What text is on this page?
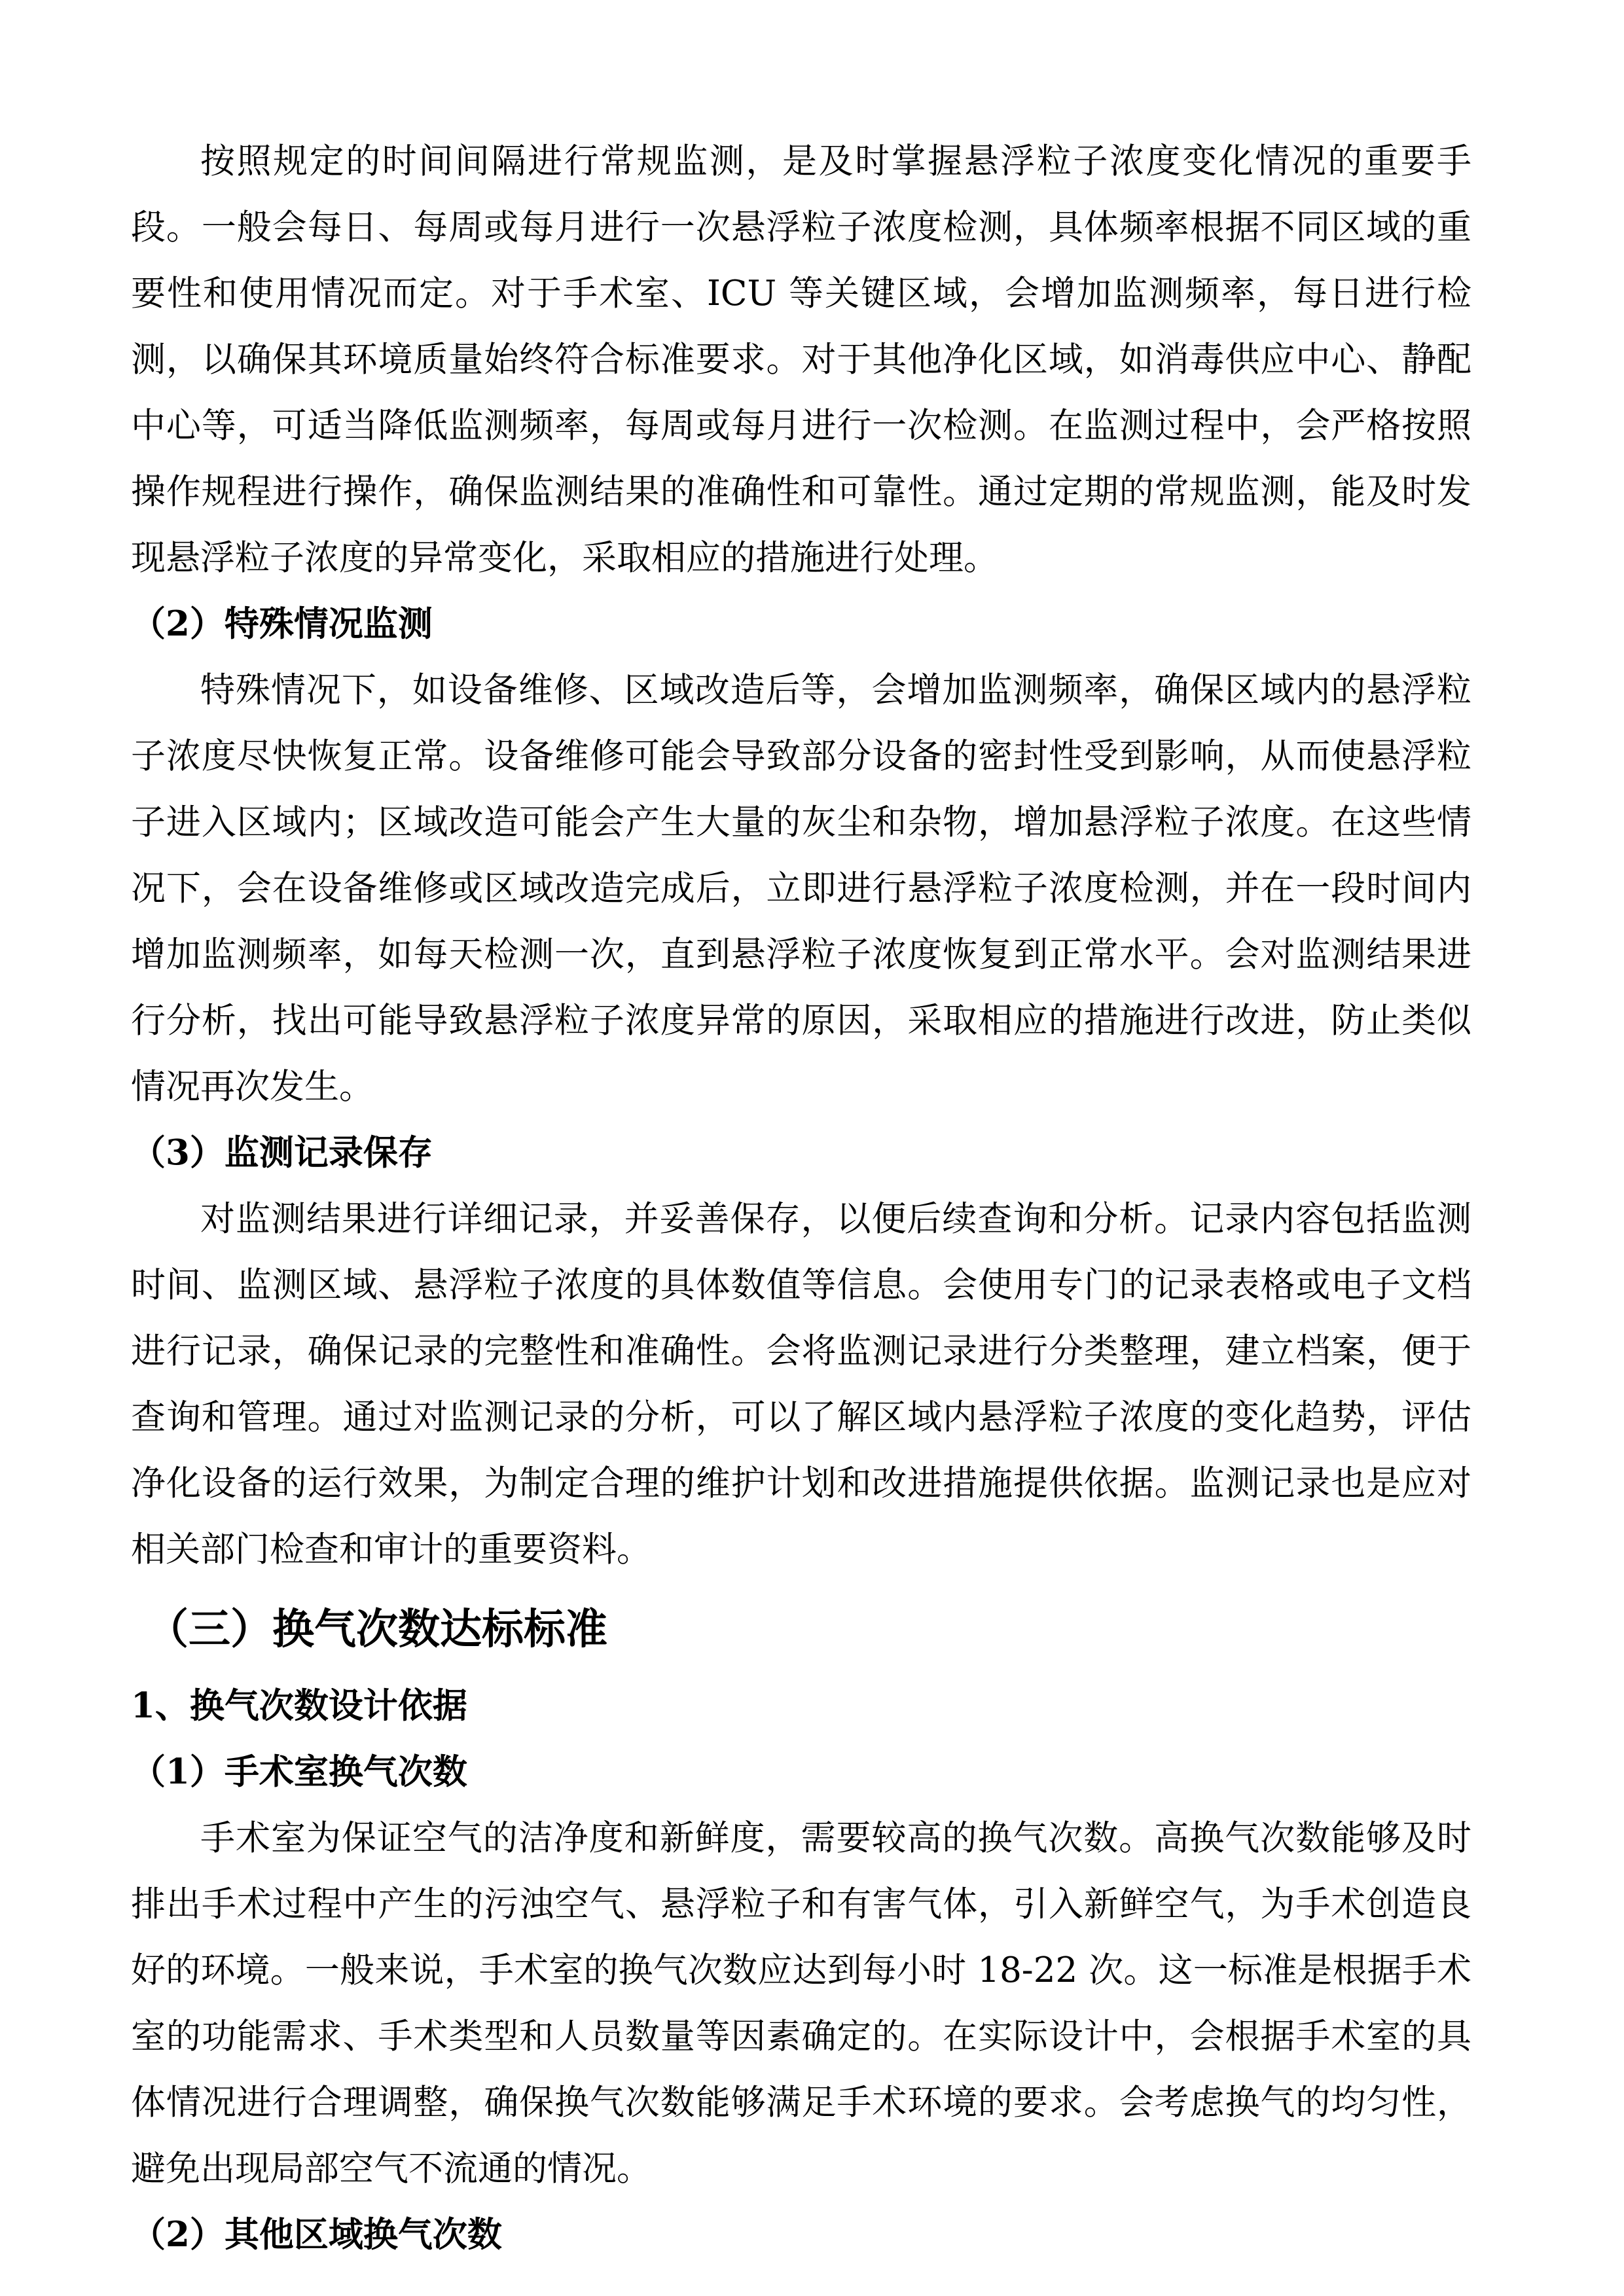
按照规定的时间间隔进行常规监测，是及时掌握悬浮粒子浓度变化情况的重要手段。一般会每日、每周或每月进行一次悬浮粒子浓度检测，具体频率根据不同区域的重要性和使用情况而定。对于手术室、ICU 等关键区域，会增加监测频率，每日进行检测，以确保其环境质量始终符合标准要求。对于其他净化区域，如消毒供应中心、静配中心等，可适当降低监测频率，每周或每月进行一次检测。在监测过程中，会严格按照操作规程进行操作，确保监测结果的准确性和可靠性。通过定期的常规监测，能及时发现悬浮粒子浓度的异常变化，采取相应的措施进行处理。

（2）特殊情况监测

特殊情况下，如设备维修、区域改造后等，会增加监测频率，确保区域内的悬浮粒子浓度尽快恢复正常。设备维修可能会导致部分设备的密封性受到影响，从而使悬浮粒子进入区域内；区域改造可能会产生大量的灰尘和杂物，增加悬浮粒子浓度。在这些情况下，会在设备维修或区域改造完成后，立即进行悬浮粒子浓度检测，并在一段时间内增加监测频率，如每天检测一次，直到悬浮粒子浓度恢复到正常水平。会对监测结果进行分析，找出可能导致悬浮粒子浓度异常的原因，采取相应的措施进行改进，防止类似情况再次发生。

（3）监测记录保存

对监测结果进行详细记录，并妥善保存，以便后续查询和分析。记录内容包括监测时间、监测区域、悬浮粒子浓度的具体数值等信息。会使用专门的记录表格或电子文档进行记录，确保记录的完整性和准确性。会将监测记录进行分类整理，建立档案，便于查询和管理。通过对监测记录的分析，可以了解区域内悬浮粒子浓度的变化趋势，评估净化设备的运行效果，为制定合理的维护计划和改进措施提供依据。监测记录也是应对相关部门检查和审计的重要资料。

（三）换气次数达标标准

1、换气次数设计依据

（1）手术室换气次数

手术室为保证空气的洁净度和新鲜度，需要较高的换气次数。高换气次数能够及时排出手术过程中产生的污浊空气、悬浮粒子和有害气体，引入新鲜空气，为手术创造良好的环境。一般来说，手术室的换气次数应达到每小时 18-22 次。这一标准是根据手术室的功能需求、手术类型和人员数量等因素确定的。在实际设计中，会根据手术室的具体情况进行合理调整，确保换气次数能够满足手术环境的要求。会考虑换气的均匀性，避免出现局部空气不流通的情况。

（2）其他区域换气次数
